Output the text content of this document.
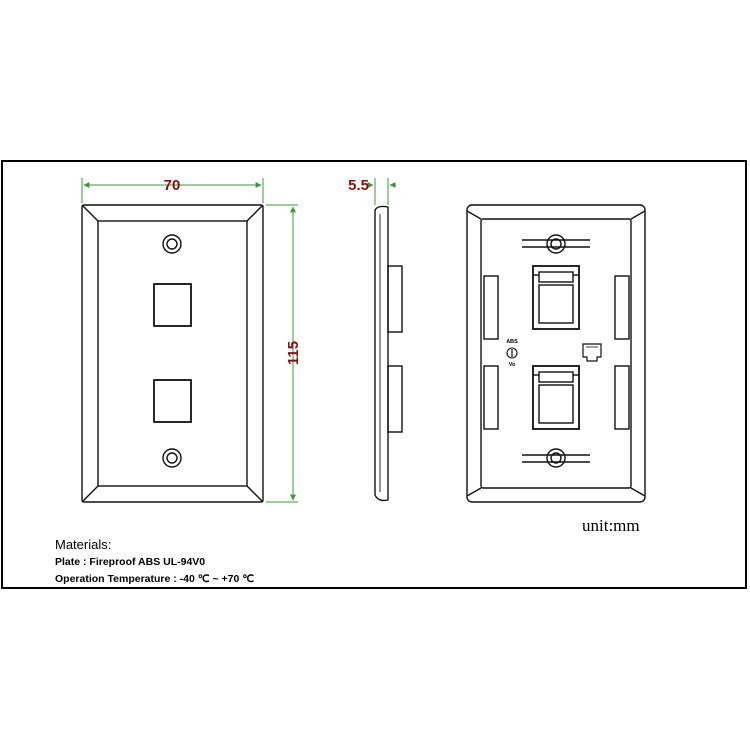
70
115
5.5
ABS
Vo
unit:mm
Materials:
Plate : Fireproof ABS UL-94V0
Operation Temperature : -40 ℃ ~ +70 ℃
